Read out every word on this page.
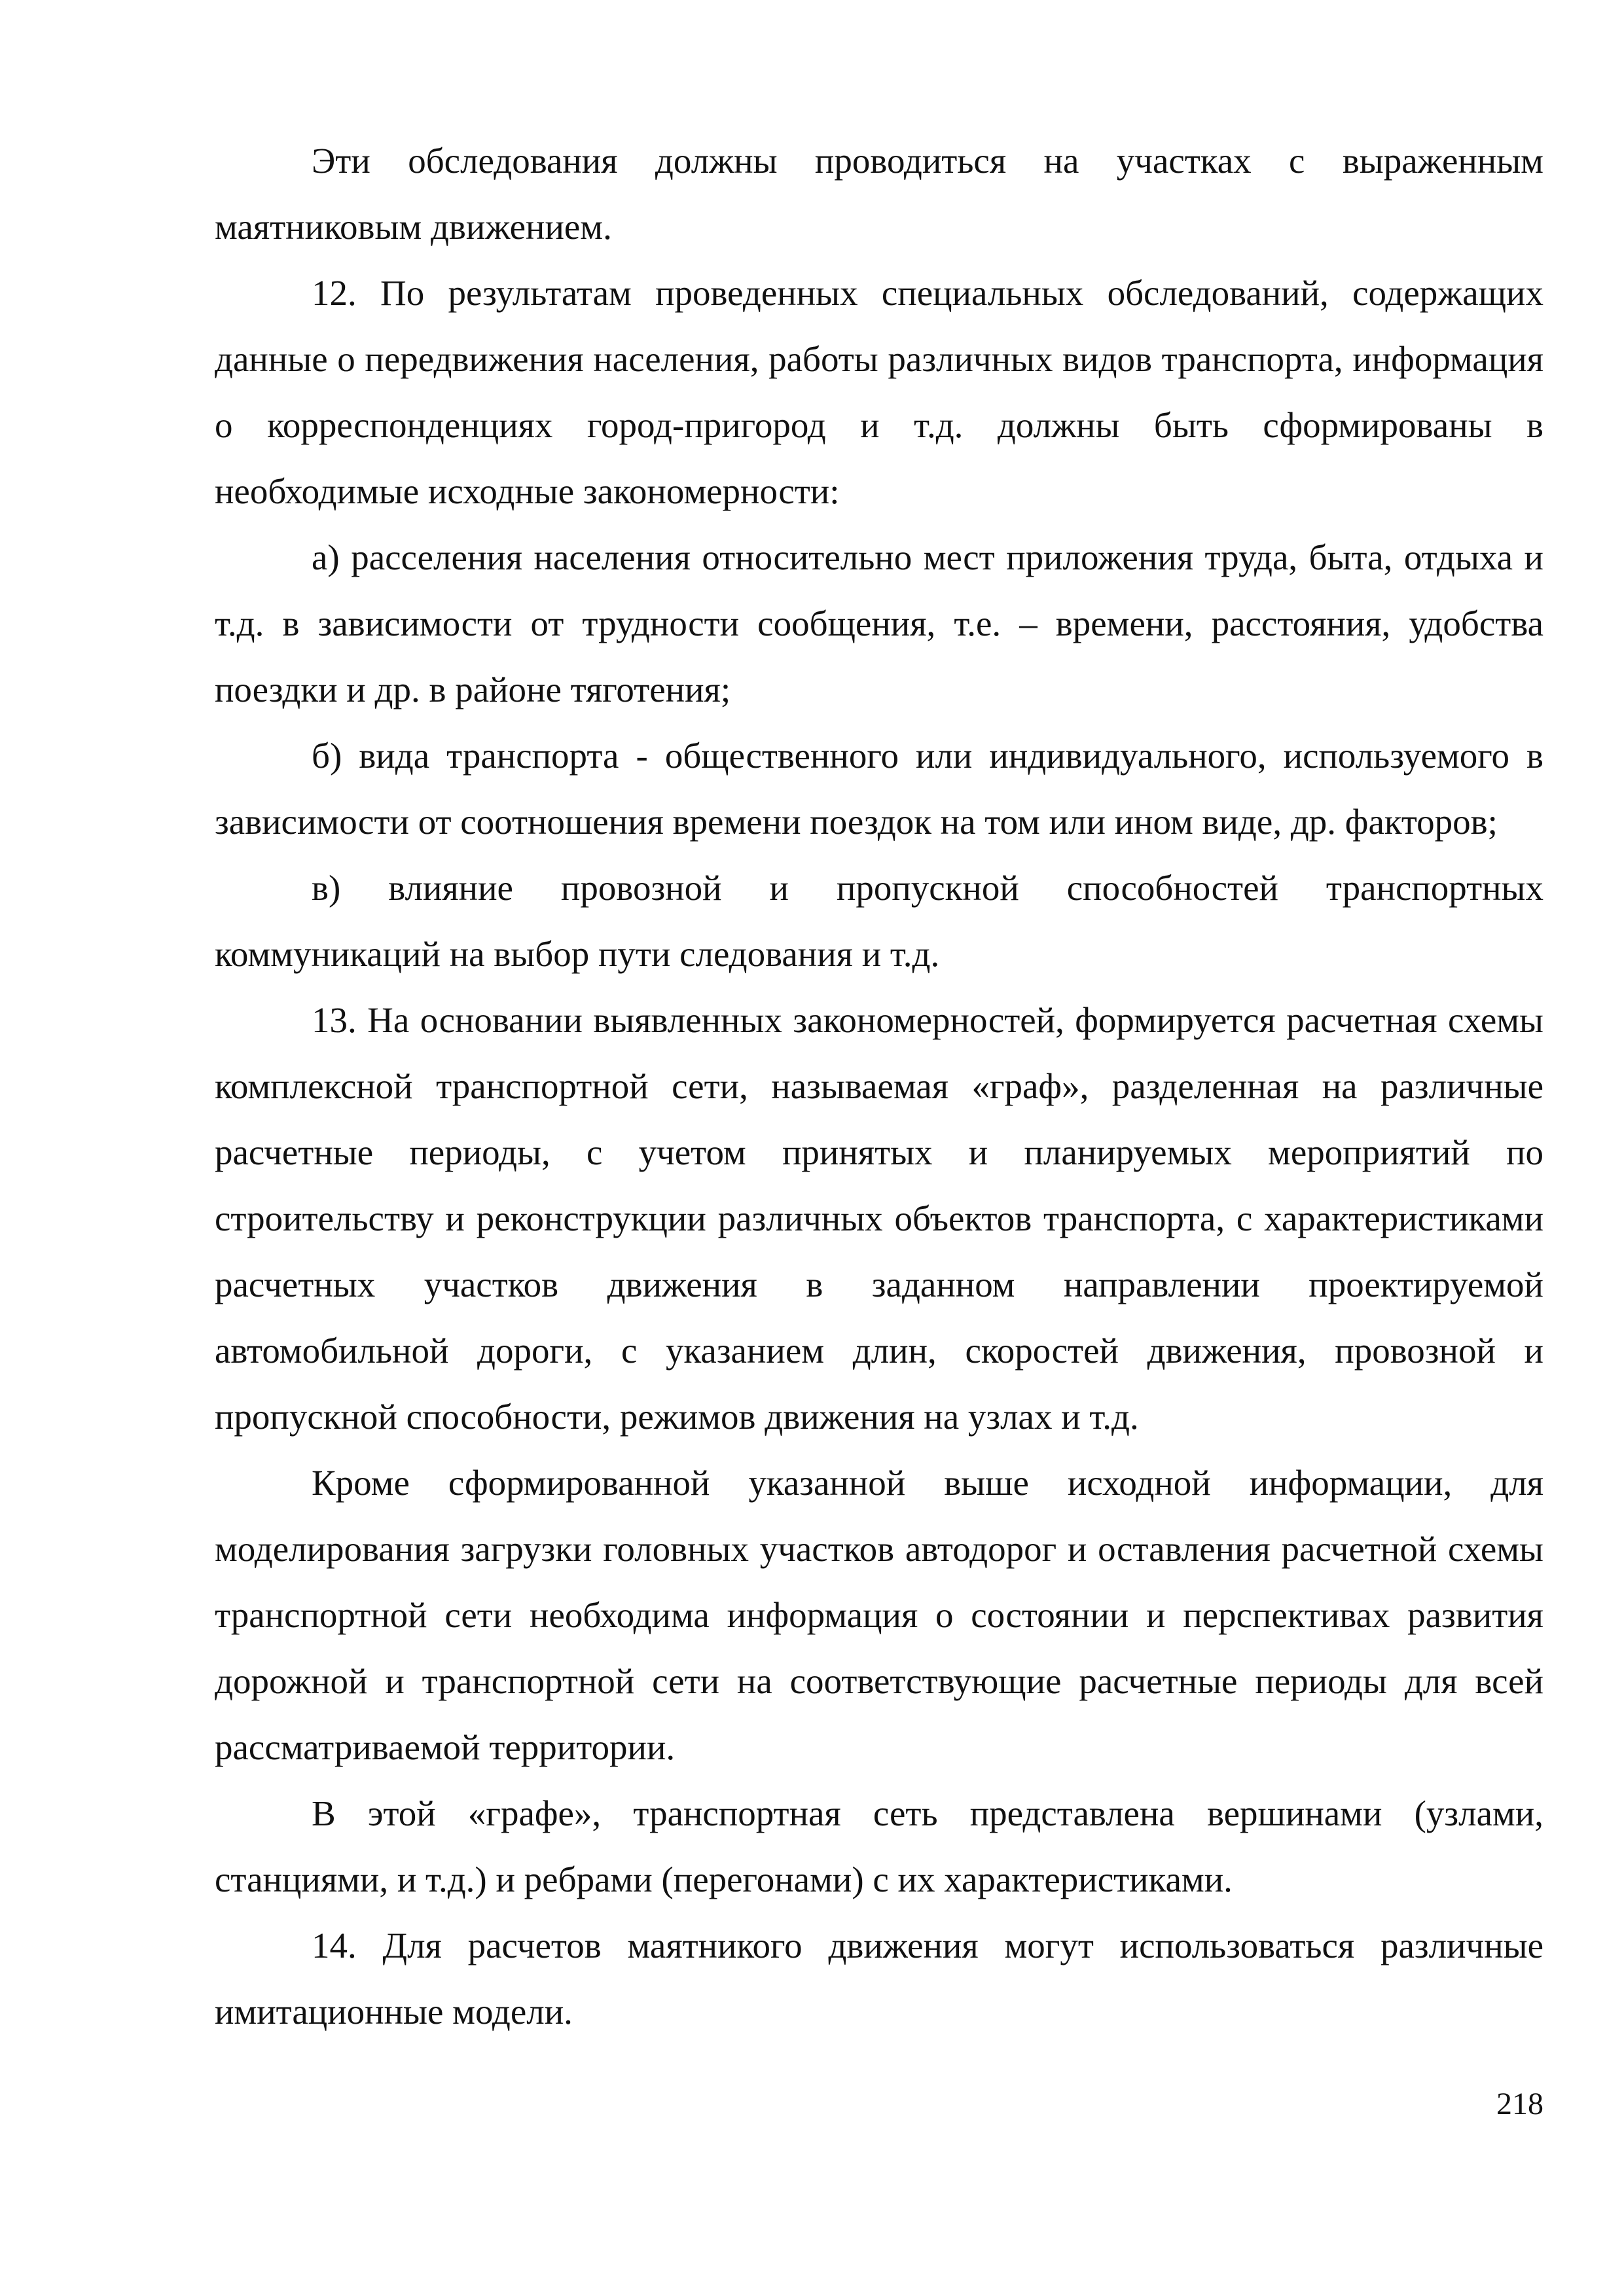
Эти обследования должны проводиться на участках с выраженным маятниковым движением.

12. По результатам проведенных специальных обследований, содержащих данные о передвижения населения, работы различных видов транспорта, информация о корреспонденциях город-пригород и т.д. должны быть сформированы в необходимые исходные закономерности:

а) расселения населения относительно мест приложения труда, быта, отдыха и т.д. в зависимости от трудности сообщения, т.е. – времени, расстояния, удобства поездки и др. в районе тяготения;

б) вида транспорта - общественного или индивидуального, используемого в зависимости от соотношения времени поездок на том или ином виде, др. факторов;

в) влияние провозной и пропускной способностей транспортных коммуникаций на выбор пути следования и т.д.

13. На основании выявленных закономерностей, формируется расчетная схемы комплексной транспортной сети, называемая «граф», разделенная на различные расчетные периоды, с учетом принятых и планируемых мероприятий по строительству и реконструкции различных объектов транспорта, с характеристиками расчетных участков движения в заданном направлении проектируемой автомобильной дороги, с указанием длин, скоростей движения, провозной и пропускной способности, режимов движения на узлах и т.д.

Кроме сформированной указанной выше исходной информации, для моделирования загрузки головных участков автодорог и оставления расчетной схемы транспортной сети необходима информация о состоянии и перспективах развития дорожной и транспортной сети на соответствующие расчетные периоды для всей рассматриваемой территории.

В этой «графе», транспортная сеть представлена вершинами (узлами, станциями, и т.д.) и ребрами (перегонами) с их характеристиками.

14. Для расчетов маятникого движения могут использоваться различные имитационные модели.

218
